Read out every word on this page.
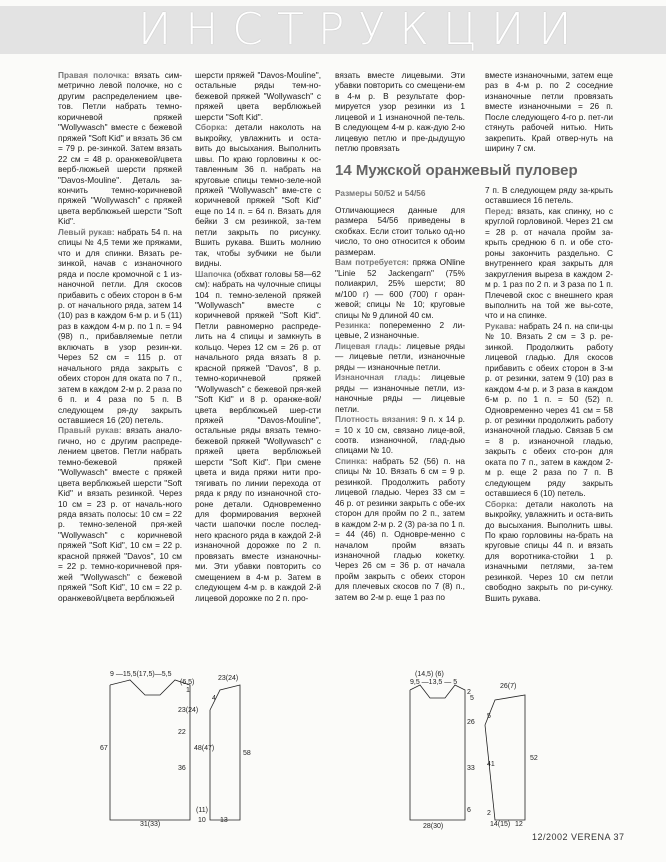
ИНСТРУКЦИИ

Правая полочка: вязать сим-метрично левой полочке, но с другим распределением цве-тов. Петли набрать темно-коричневой пряжей "Wollywasch" вместе с бежевой пряжей "Soft Kid" и вязать 36 см = 79 р. ре-зинкой. Затем вязать 22 см = 48 р. оранжевой/цвета верб-люжьей шерсти пряжей "Davos-Mouline". Деталь за-кончить темно-коричневой пряжей "Wollywasch" с пряжей цвета верблюжьей шерсти "Soft Kid".

Левый рукав: набрать 54 п. на спицы № 4,5 теми же пряжами, что и для спинки. Вязать ре-зинкой, начав с изнаночного ряда и после кромочной с 1 из-наночной петли. Для скосов прибавить с обеих сторон в 6-м р. от начального ряда, затем 14 (10) раз в каждом 6-м р. и 5 (11) раз в каждом 4-м р. по 1 п. = 94 (98) п., прибавляемые петли включать в узор резин-ки. Через 52 см = 115 р. от начального ряда закрыть с обеих сторон для оката по 7 п., затем в каждом 2-м р. 2 раза по 6 п. и 4 раза по 5 п. В следующем ря-ду закрыть оставшиеся 16 (20) петель.

Правый рукав: вязать анало-гично, но с другим распреде-лением цветов. Петли набрать темно-бежевой пряжей "Wollywasch" вместе с пряжей цвета верблюжьей шерсти "Soft Kid" и вязать резинкой. Через 10 см = 23 р. от началь-ного ряда вязать полосы: 10 см = 22 р. темно-зеленой пря-жей "Wollywasch" с коричневой пряжей "Soft Kid", 10 см = 22 р. красной пряжей "Davos", 10 см = 22 р. темно-коричневой пря-жей "Wollywasch" с бежевой пряжей "Soft Kid", 10 см = 22 р. оранжевой/цвета верблюжьей

шерсти пряжей "Davos-Mouline", остальные ряды тем-но-бежевой пряжей "Wollywasch" с пряжей цвета верблюжьей шерсти "Soft Kid".

Сборка: детали наколоть на выкройку, увлажнить и оста-вить до высыхания. Выполнить швы. По краю горловины к ос-тавленным 36 п. набрать на круговые спицы темно-зеле-ной пряжей "Wollywasch" вме-сте с коричневой пряжей "Soft Kid" еще по 14 п. = 64 п. Вязать для бейки 3 см резинкой, за-тем петли закрыть по рисунку. Вшить рукава. Вшить молнию так, чтобы зубчики не были видны.

Шапочка (обхват головы 58—62 см): набрать на чулочные спицы 104 п. темно-зеленой пряжей "Wollywasch" вместе с коричневой пряжей "Soft Kid". Петли равномерно распреде-лить на 4 спицы и замкнуть в кольцо. Через 12 см = 26 р. от начального ряда вязать 8 р. красной пряжей "Davos", 8 р. темно-коричневой пряжей "Wollywasch" с бежевой пря-жей "Soft Kid" и 8 р. оранже-вой/цвета верблюжьей шер-сти пряжей "Davos-Mouline", остальные ряды вязать темно-бежевой пряжей "Wollywasch" с пряжей цвета верблюжьей шерсти "Soft Kid". При смене цвета и вида пряжи нити про-тягивать по линии перехода от ряда к ряду по изнаночной сто-роне детали. Одновременно для формирования верхней части шапочки после послед-него красного ряда в каждой 2-й изнаночной дорожке по 2 п. провязать вместе изнаночны-ми. Эти убавки повторить со смещением в 4-м р. Затем в следующем 4-м р. в каждой 2-й лицевой дорожке по 2 п. про-

вязать вместе лицевыми. Эти убавки повторить со смещени-ем в 4-м р. В результате фор-мируется узор резинки из 1 лицевой и 1 изнаночной пе-тель. В следующем 4-м р. каж-дую 2-ю лицевую петлю и пре-дыдущую петлю провязать

14 Мужской оранжевый пуловер
Размеры 50/52 и 54/56

Отличающиеся данные для размера 54/56 приведены в скобках. Если стоит только од-но число, то оно относится к обоим размерам.

Вам потребуется: пряжа ONline "Linie 52 Jackengarn" (75% полиакрил, 25% шерсти; 80 м/100 г) — 600 (700) г оран-жевой; спицы № 10; круговые спицы № 9 длиной 40 см.

Резинка: попеременно 2 ли-цевые, 2 изнаночные.

Лицевая гладь: лицевые ряды — лицевые петли, изнаночные ряды — изнаночные петли.

Изнаночная гладь: лицевые ряды — изнаночные петли, из-наночные ряды — лицевые петли.

Плотность вязания: 9 п. х 14 р. = 10 х 10 см, связано лице-вой, соотв. изнаночной, глад-дью спицами № 10.

Спинка: набрать 52 (56) п. на спицы № 10. Вязать 6 см = 9 р. резинкой. Продолжить работу лицевой гладью. Через 33 см = 46 р. от резинки закрыть с обе-их сторон для пройм по 2 п., затем в каждом 2-м р. 2 (3) ра-за по 1 п. = 44 (46) п. Одновре-менно с началом пройм вязать изнаночной гладью кокетку. Через 26 см = 36 р. от начала пройм закрыть с обеих сторон для плечевых скосов по 7 (8) п., затем во 2-м р. еще 1 раз по

вместе изнаночными, затем еще раз в 4-м р. по 2 соседние изнаночные петли провязать вместе изнаночными = 26 п. После следующего 4-го р. пет-ли стянуть рабочей нитью. Нить закрепить. Край отвер-нуть на ширину 7 см.

7 п. В следующем ряду за-крыть оставшиеся 16 петель.

Перед: вязать, как спинку, но с круглой горловиной. Через 21 см = 28 р. от начала пройм за-крыть среднюю 6 п. и обе сто-роны закончить раздельно. С внутреннего края закрыть для закругления выреза в каждом 2-м р. 1 раз по 2 п. и 3 раза по 1 п. Плечевой скос с внешнего края выполнить на той же вы-соте, что и на спинке.

Рукава: набрать 24 п. на спи-цы № 10. Вязать 2 см = 3 р. ре-зинкой. Продолжить работу лицевой гладью. Для скосов прибавить с обеих сторон в 3-м р. от резинки, затем 9 (10) раз в каждом 4-м р. и 3 раза в каждом 6-м р. по 1 п. = 50 (52) п. Одновременно через 41 см = 58 р. от резинки продолжить работу изнаночной гладью. Связав 5 см = 8 р. изнаночной гладью, закрыть с обеих сто-рон для оката по 7 п., затем в каждом 2-м р. еще 2 раза по 7 п. В следующем ряду закрыть оставшиеся 6 (10) петель.

Сборка: детали наколоть на выкройку, увлажнить и оста-вить до высыхания. Выполнить швы. По краю горловины на-брать на круговые спицы 44 п. и вязать для воротника-стойки 1 р. изначными петлями, за-тем резинкой. Через 10 см петли свободно закрыть по ри-сунку. Вшить рукава.

9 —15,5(17,5)—5,5
(6,5)
1
23(24)
22
36
67
31(33)
23(24)
4
48(47)
58
(11)
10 13
(14,5) (6)
9,5 —13,5 — 5
2
5
26
33
6
28(30)
26(7)
5
41
52
2
14(15) 12
12/2002 VERENA 37
